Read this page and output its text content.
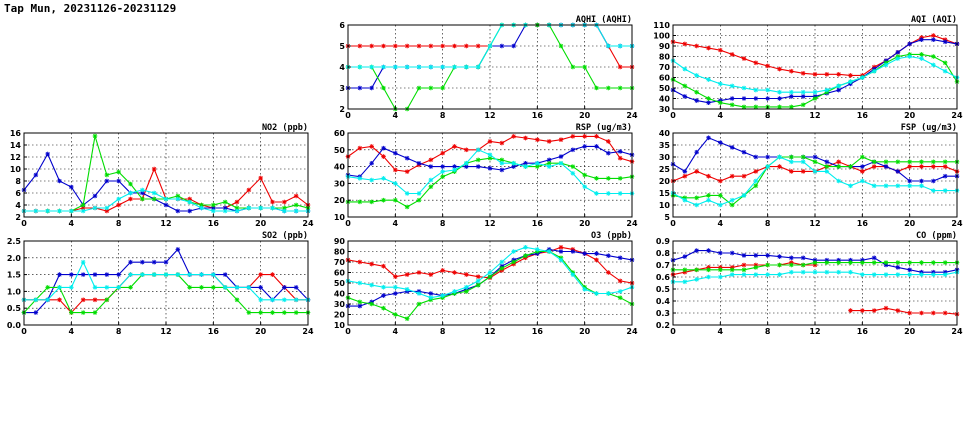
Tap Mun, 20231126-20231129
0	4	8	12	16	20	24
2
4
6
8
10
12
14
16
NO2 (ppb)
0	4	8	12	16	20	24
0.0
0.5
1.0
1.5
2.0
2.5
SO2 (ppb)
0	4	8	12	16	20	24
2
3
4
5
6
AQHI (AQHI)
0	4	8	12	16	20	24
10
20
30
40
50
60
RSP (ug/m3)
0	4	8	12	16	20	24
10
20
30
40
50
60
70
80
90
O3 (ppb)
0	4	8	12	16	20	24
30
40
50
60
70
80
90
100
110
AQI (AQI)
0	4	8	12	16	20	24
5
10
15
20
25
30
35
40
FSP (ug/m3)
0	4	8	12	16	20	24
0.2
0.3
0.4
0.5
0.6
0.7
0.8
0.9
CO (ppm)
